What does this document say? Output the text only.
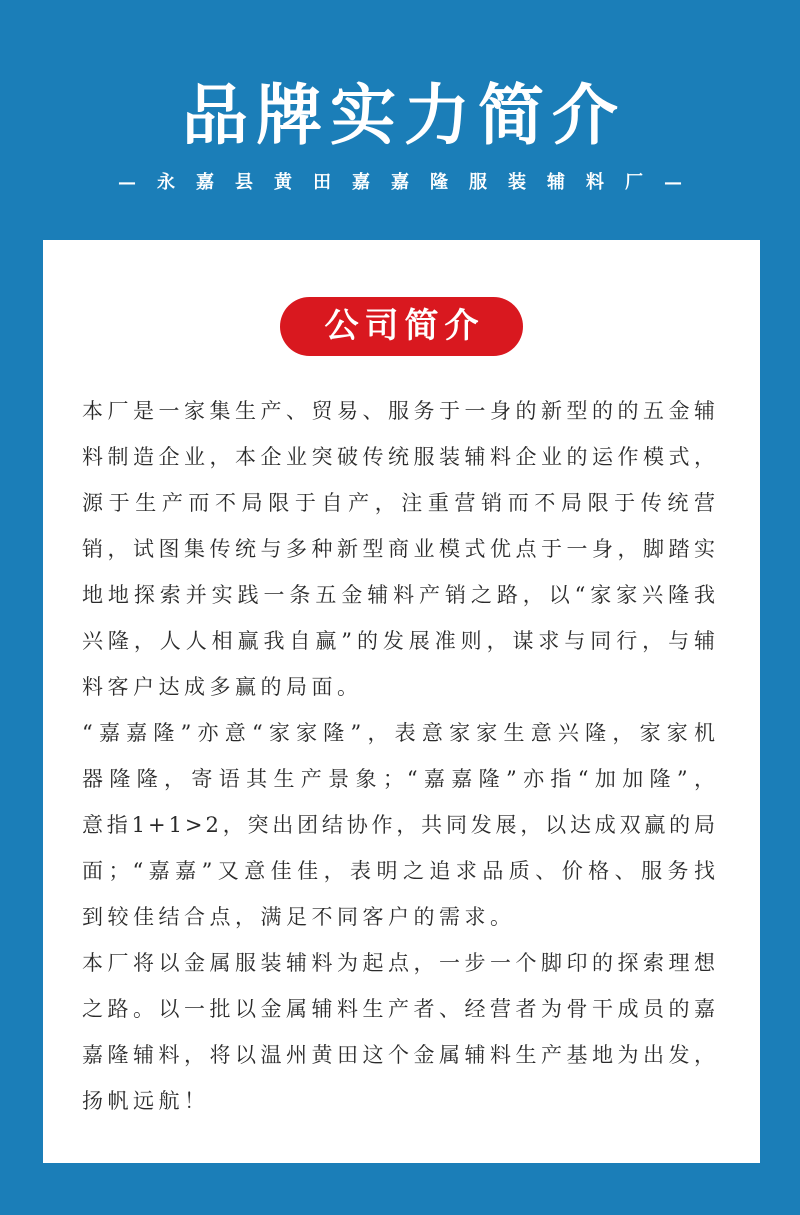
品牌实力简介
—永嘉县黄田嘉嘉隆服装辅料厂—
公司简介
本厂是一家集生产、贸易、服务于一身的新型的的五金辅
料制造企业，本企业突破传统服装辅料企业的运作模式，
源于生产而不局限于自产，注重营销而不局限于传统营
销，试图集传统与多种新型商业模式优点于一身，脚踏实
地地探索并实践一条五金辅料产销之路，以“家家兴隆我
兴隆，人人相赢我自赢”的发展准则，谋求与同行，与辅
料客户达成多赢的局面。
“嘉嘉隆”亦意“家家隆”，表意家家生意兴隆，家家机
器隆隆，寄语其生产景象；“嘉嘉隆”亦指“加加隆”，
意指1+1>2，突出团结协作，共同发展，以达成双赢的局
面；“嘉嘉”又意佳佳，表明之追求品质、价格、服务找
到较佳结合点，满足不同客户的需求。
本厂将以金属服装辅料为起点，一步一个脚印的探索理想
之路。以一批以金属辅料生产者、经营者为骨干成员的嘉
嘉隆辅料，将以温州黄田这个金属辅料生产基地为出发，
扬帆远航！
